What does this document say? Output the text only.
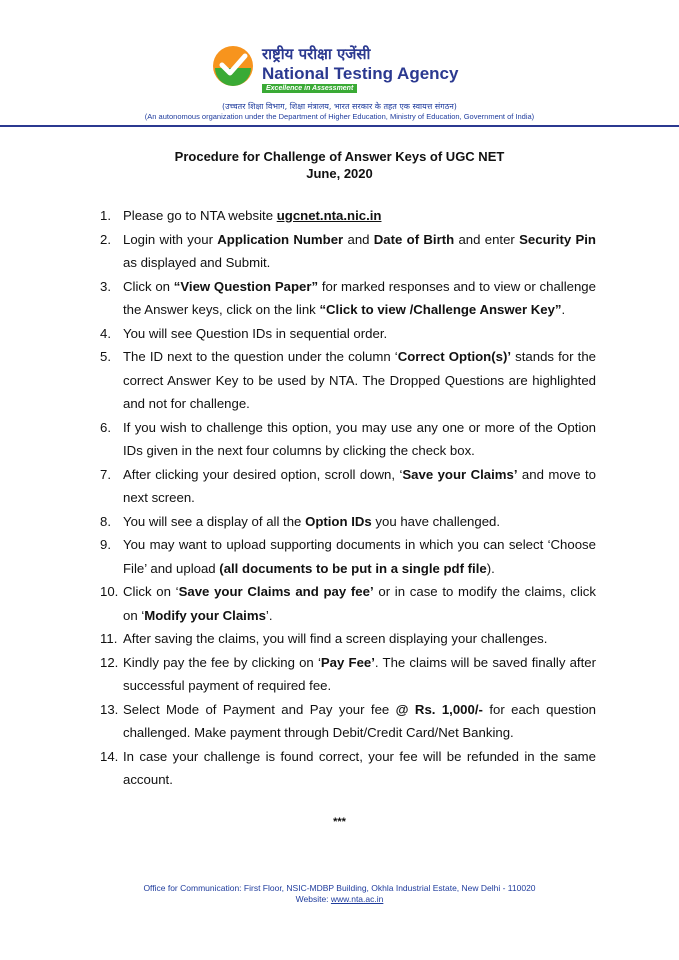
राष्ट्रीय परीक्षा एजेंसी
National Testing Agency
Excellence in Assessment
(उच्चतर शिक्षा विभाग, शिक्षा मंत्रालय, भारत सरकार के तहत एक स्वायत्त संगठन)
(An autonomous organization under the Department of Higher Education, Ministry of Education, Government of India)
Procedure for Challenge of Answer Keys of UGC NET
June, 2020
1. Please go to NTA website ugcnet.nta.nic.in
2. Login with your Application Number and Date of Birth and enter Security Pin as displayed and Submit.
3. Click on “View Question Paper” for marked responses and to view or challenge the Answer keys, click on the link “Click to view /Challenge Answer Key”.
4. You will see Question IDs in sequential order.
5. The ID next to the question under the column ‘Correct Option(s)’ stands for the correct Answer Key to be used by NTA. The Dropped Questions are highlighted and not for challenge.
6. If you wish to challenge this option, you may use any one or more of the Option IDs given in the next four columns by clicking the check box.
7. After clicking your desired option, scroll down, ‘Save your Claims’ and move to next screen.
8. You will see a display of all the Option IDs you have challenged.
9. You may want to upload supporting documents in which you can select ‘Choose File’ and upload (all documents to be put in a single pdf file).
10. Click on ‘Save your Claims and pay fee’ or in case to modify the claims, click on ‘Modify your Claims’.
11. After saving the claims, you will find a screen displaying your challenges.
12. Kindly pay the fee by clicking on ‘Pay Fee’. The claims will be saved finally after successful payment of required fee.
13. Select Mode of Payment and Pay your fee @ Rs. 1,000/- for each question challenged. Make payment through Debit/Credit Card/Net Banking.
14. In case your challenge is found correct, your fee will be refunded in the same account.
***
Office for Communication: First Floor, NSIC-MDBP Building, Okhla Industrial Estate, New Delhi - 110020
Website: www.nta.ac.in
